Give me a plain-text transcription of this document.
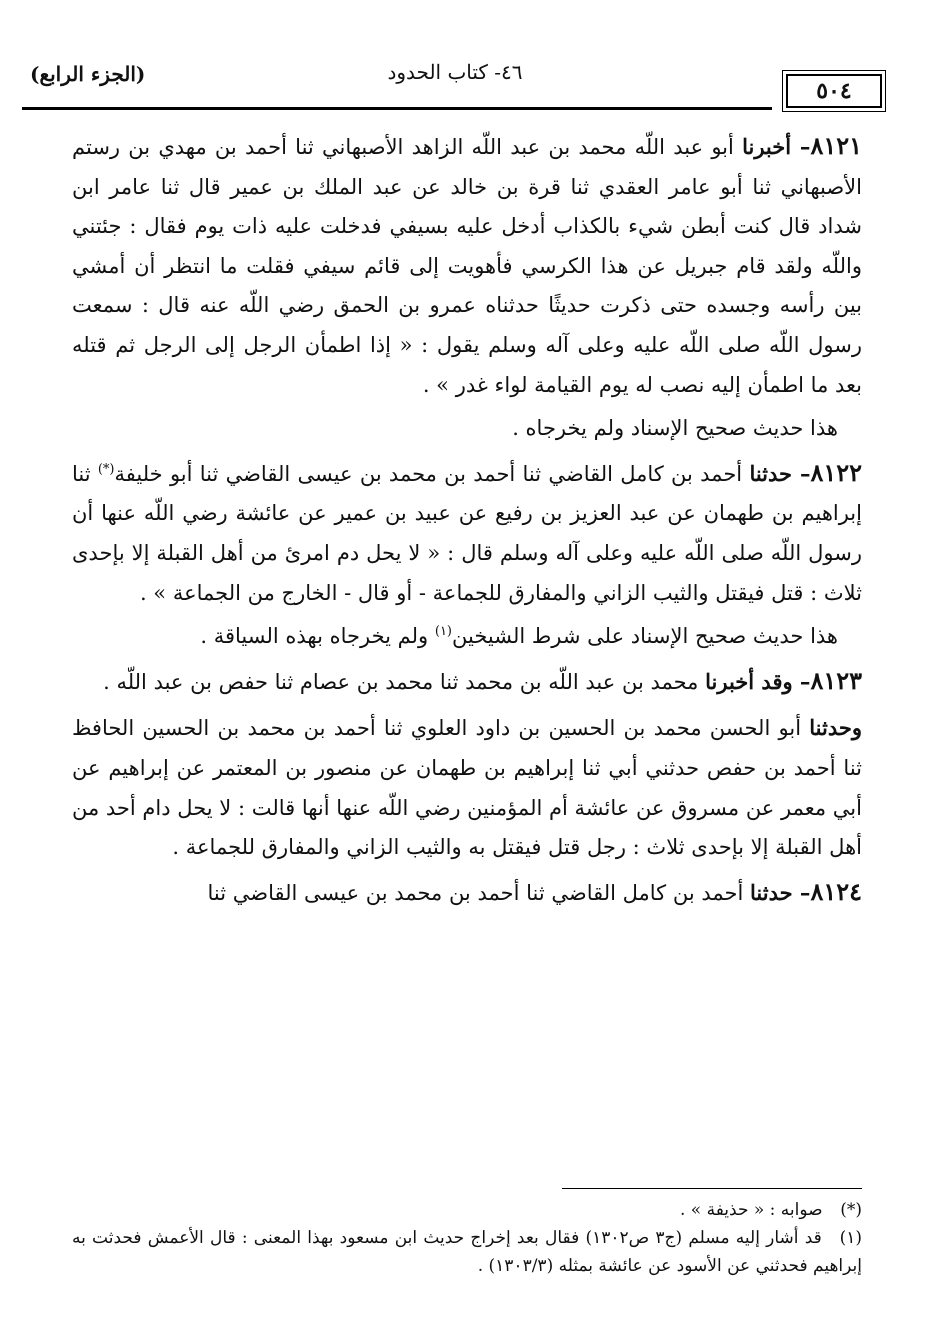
٤٦- كتاب الحدود
(الجزء الرابع)
٥٠٤

٨١٢١– أخبرنا أبو عبد اللّه محمد بن عبد اللّه الزاهد الأصبهاني ثنا أحمد بن مهدي بن رستم الأصبهاني ثنا أبو عامر العقدي ثنا قرة بن خالد عن عبد الملك بن عمير قال ثنا عامر ابن شداد قال كنت أبطن شيء بالكذاب أدخل عليه بسيفي فدخلت عليه ذات يوم فقال : جئتني واللّه ولقد قام جبريل عن هذا الكرسي فأهويت إلى قائم سيفي فقلت ما انتظر أن أمشي بين رأسه وجسده حتى ذكرت حديثًا حدثناه عمرو بن الحمق رضي اللّه عنه قال : سمعت رسول اللّه صلى اللّه عليه وعلى آله وسلم يقول : « إذا اطمأن الرجل إلى الرجل ثم قتله بعد ما اطمأن إليه نصب له يوم القيامة لواء غدر » .

هذا حديث صحيح الإسناد ولم يخرجاه .

٨١٢٢– حدثنا أحمد بن كامل القاضي ثنا أحمد بن محمد بن عيسى القاضي ثنا أبو خليفة(*) ثنا إبراهيم بن طهمان عن عبد العزيز بن رفيع عن عبيد بن عمير عن عائشة رضي اللّه عنها أن رسول اللّه صلى اللّه عليه وعلى آله وسلم قال : « لا يحل دم امرئ من أهل القبلة إلا بإحدى ثلاث : قتل فيقتل والثيب الزاني والمفارق للجماعة - أو قال - الخارج من الجماعة » .

هذا حديث صحيح الإسناد على شرط الشيخين$^{(١)}$ ولم يخرجاه بهذه السياقة .

٨١٢٣– وقد أخبرنا محمد بن عبد اللّه بن محمد ثنا محمد بن عصام ثنا حفص بن عبد اللّه .

وحدثنا أبو الحسن محمد بن الحسين بن داود العلوي ثنا أحمد بن محمد بن الحسين الحافظ ثنا أحمد بن حفص حدثني أبي ثنا إبراهيم بن طهمان عن منصور بن المعتمر عن إبراهيم عن أبي معمر عن مسروق عن عائشة أم المؤمنين رضي اللّه عنها أنها قالت : لا يحل دام أحد من أهل القبلة إلا بإحدى ثلاث : رجل قتل فيقتل به والثيب الزاني والمفارق للجماعة .

٨١٢٤– حدثنا أحمد بن كامل القاضي ثنا أحمد بن محمد بن عيسى القاضي ثنا

(*) صوابه : « حذيفة » .

(١) قد أشار إليه مسلم (ج٣ ص١٣٠٢) فقال بعد إخراج حديث ابن مسعود بهذا المعنى : قال الأعمش فحدثت به إبراهيم فحدثني عن الأسود عن عائشة بمثله (١٣٠٣/٣) .
